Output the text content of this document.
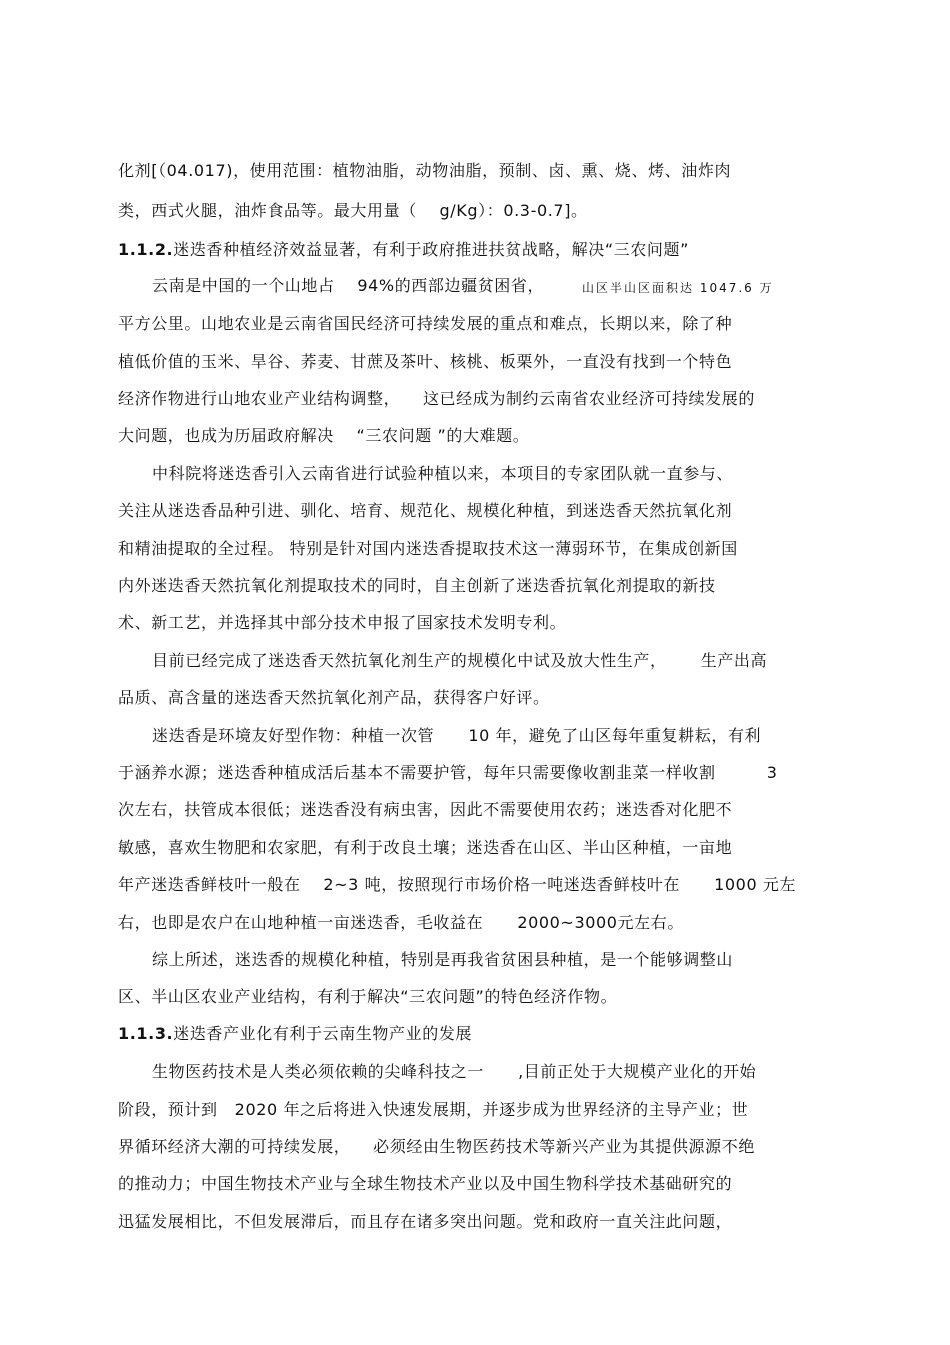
化剂[（04.017)，使用范围：植物油脂，动物油脂，预制、卤、熏、烧、烤、油炸肉
类，西式火腿，油炸食品等。最大用量（    g/Kg）：0.3-0.7]。
1.1.2.迷迭香种植经济效益显著，有利于政府推进扶贫战略，解决“三农问题”
云南是中国的一个山地占    94%的西部边疆贫困省，	山区半山区面积达 1047.6 万
平方公里。山地农业是云南省国民经济可持续发展的重点和难点，长期以来，除了种
植低价值的玉米、旱谷、荞麦、甘蔗及茶叶、核桃、板栗外，一直没有找到一个特色
经济作物进行山地农业产业结构调整，    这已经成为制约云南省农业经济可持续发展的
大问题，也成为历届政府解决    “三农问题 ”的大难题。
中科院将迷迭香引入云南省进行试验种植以来，本项目的专家团队就一直参与、
关注从迷迭香品种引进、驯化、培育、规范化、规模化种植，到迷迭香天然抗氧化剂
和精油提取的全过程。 特别是针对国内迷迭香提取技术这一薄弱环节，在集成创新国
内外迷迭香天然抗氧化剂提取技术的同时，自主创新了迷迭香抗氧化剂提取的新技
术、新工艺，并选择其中部分技术申报了国家技术发明专利。
目前已经完成了迷迭香天然抗氧化剂生产的规模化中试及放大性生产，      生产出高
品质、高含量的迷迭香天然抗氧化剂产品，获得客户好评。
迷迭香是环境友好型作物：种植一次管      10 年，避免了山区每年重复耕耘，有利
于涵养水源；迷迭香种植成活后基本不需要护管，每年只需要像收割韭菜一样收割         3
次左右，扶管成本很低；迷迭香没有病虫害，因此不需要使用农药；迷迭香对化肥不
敏感，喜欢生物肥和农家肥，有利于改良土壤；迷迭香在山区、半山区种植，一亩地
年产迷迭香鲜枝叶一般在    2~3 吨，按照现行市场价格一吨迷迭香鲜枝叶在      1000 元左
右，也即是农户在山地种植一亩迷迭香，毛收益在      2000~3000元左右。
综上所述，迷迭香的规模化种植，特别是再我省贫困县种植，是一个能够调整山
区、半山区农业产业结构，有利于解决“三农问题”的特色经济作物。
1.1.3.迷迭香产业化有利于云南生物产业的发展
生物医药技术是人类必须依赖的尖峰科技之一      ,目前正处于大规模产业化的开始
阶段，预计到   2020 年之后将进入快速发展期，并逐步成为世界经济的主导产业；世
界循环经济大潮的可持续发展，    必须经由生物医药技术等新兴产业为其提供源源不绝
的推动力；中国生物技术产业与全球生物技术产业以及中国生物科学技术基础研究的
迅猛发展相比，不但发展滞后，而且存在诸多突出问题。党和政府一直关注此问题，
